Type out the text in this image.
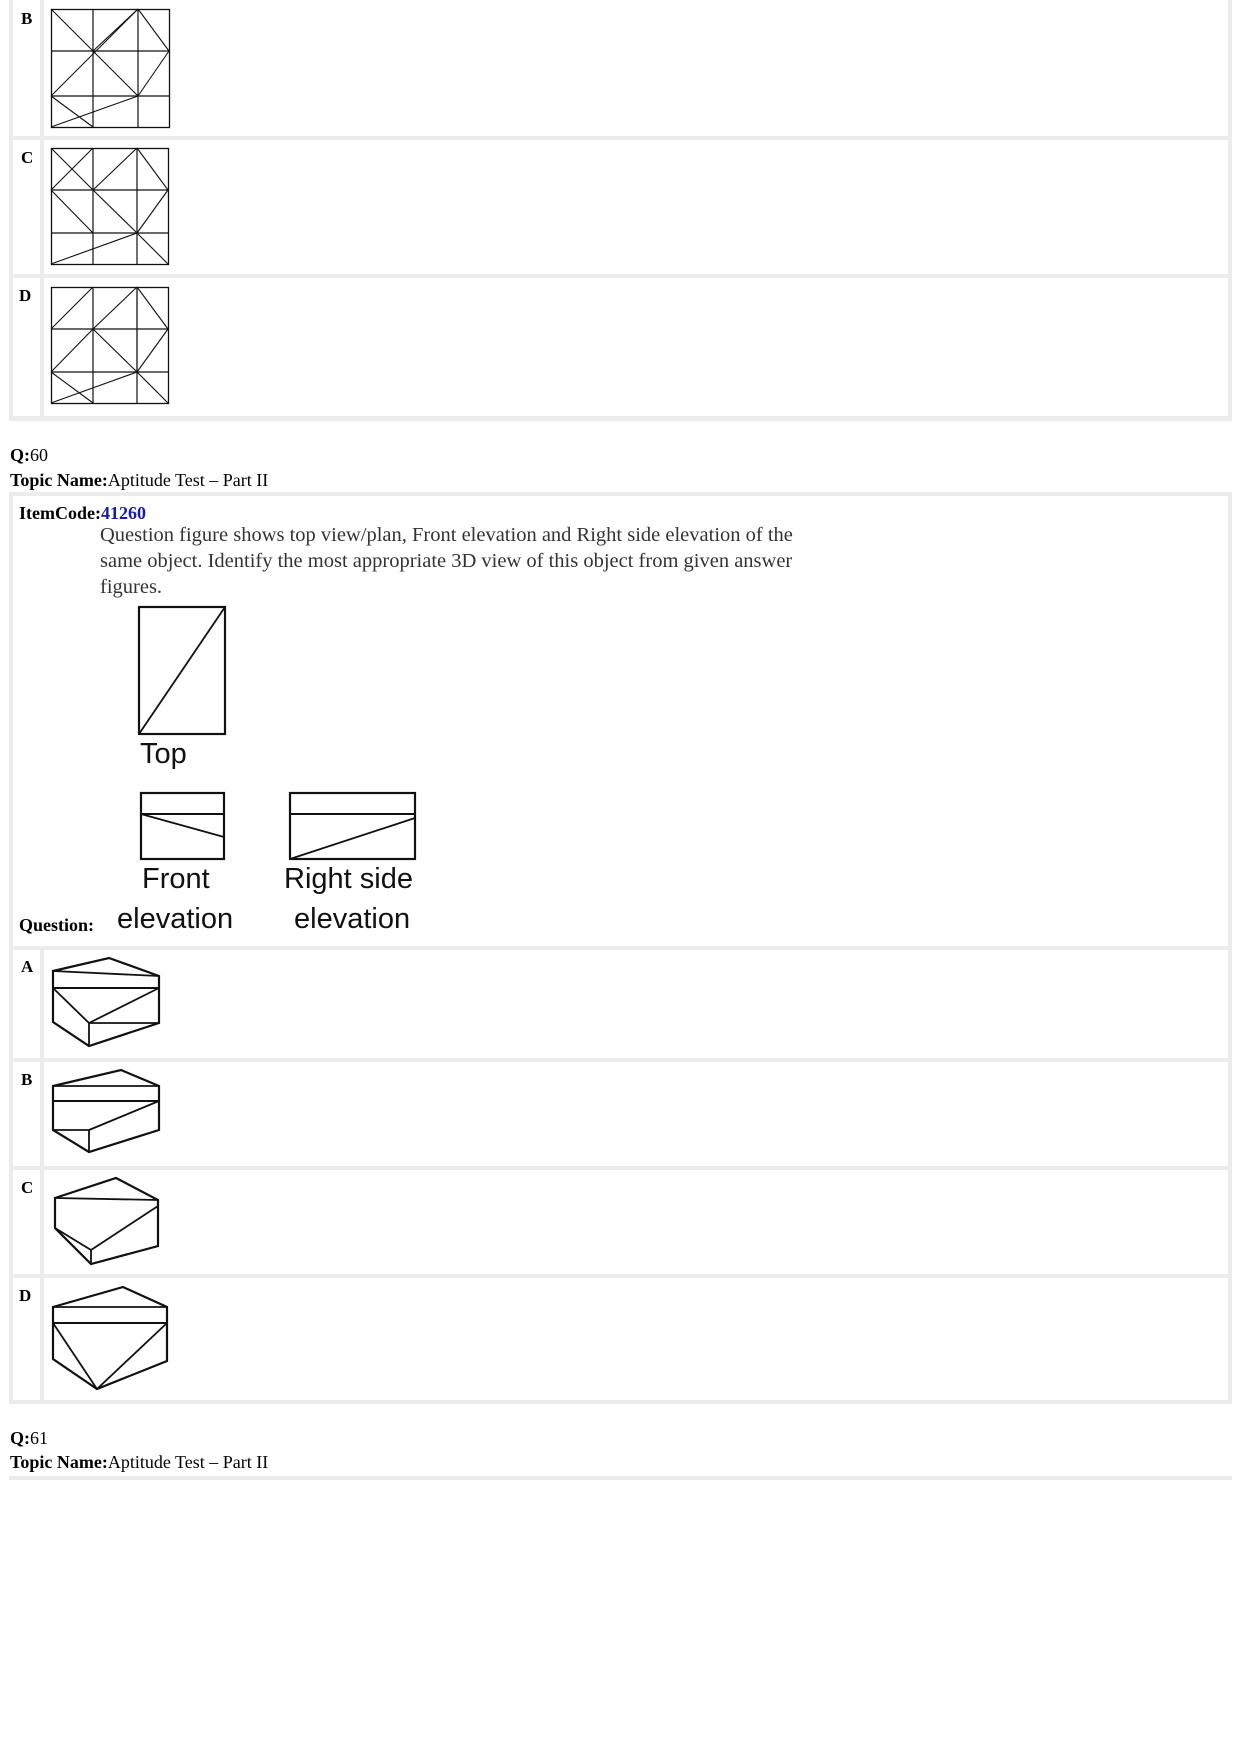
B
C
D
Q:60
Topic Name:Aptitude Test – Part II
ItemCode:41260
Question figure shows top view/plan, Front elevation and Right side elevation of the same object. Identify the most appropriate 3D view of this object from given answer figures.
Top
Front
elevation
Right side
elevation
Question:
A
B
C
D
Q:61
Topic Name:Aptitude Test – Part II
